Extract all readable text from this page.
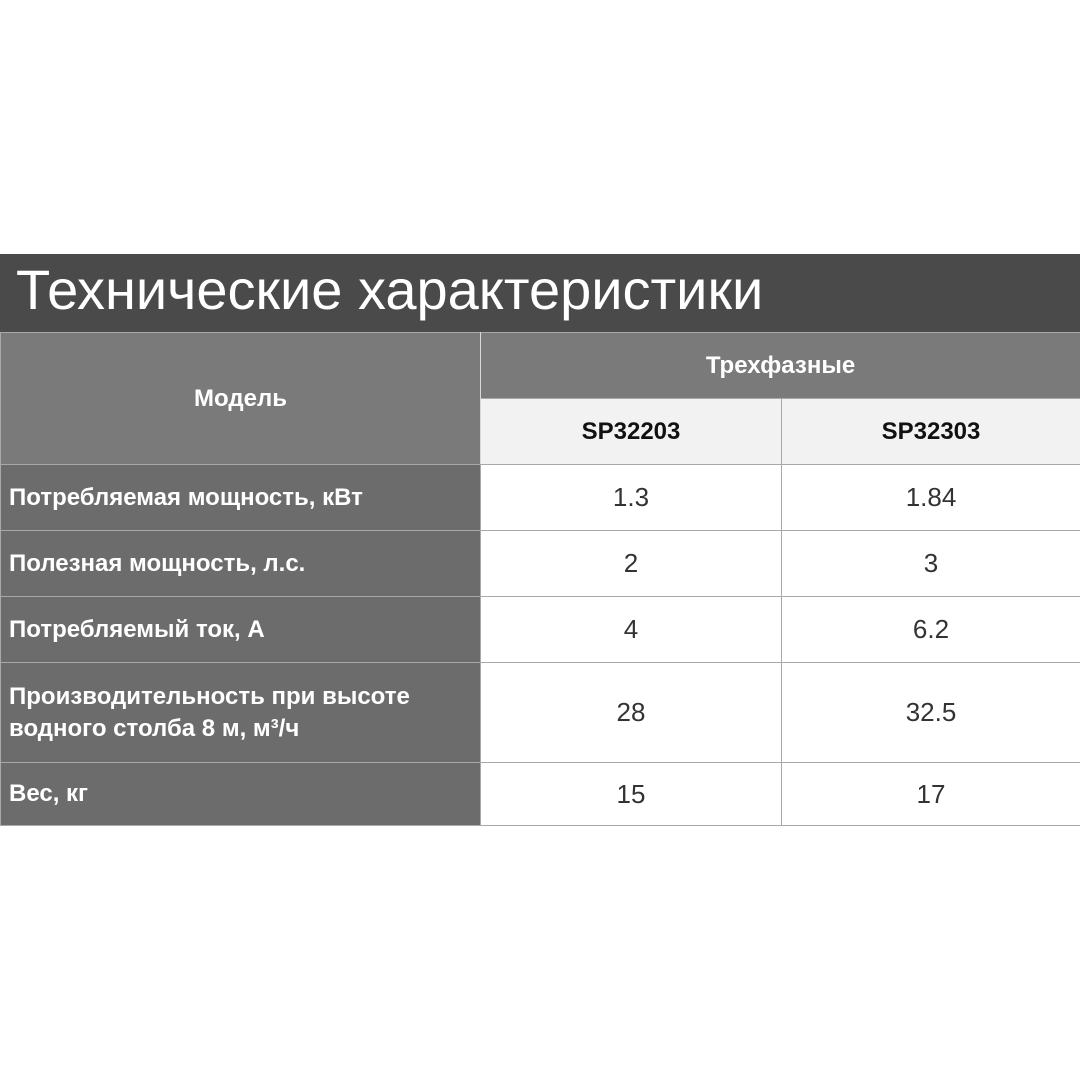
Технические характеристики
Модель	Трехфазные	
	SP32203	SP32303
Потребляемая мощность, кВт	1.3	1.84
Полезная мощность, л.с.	2	3
Потребляемый ток, А	4	6.2
Производительность при высоте водного столба 8 м, м³/ч	28	32.5
Вес, кг	15	17
